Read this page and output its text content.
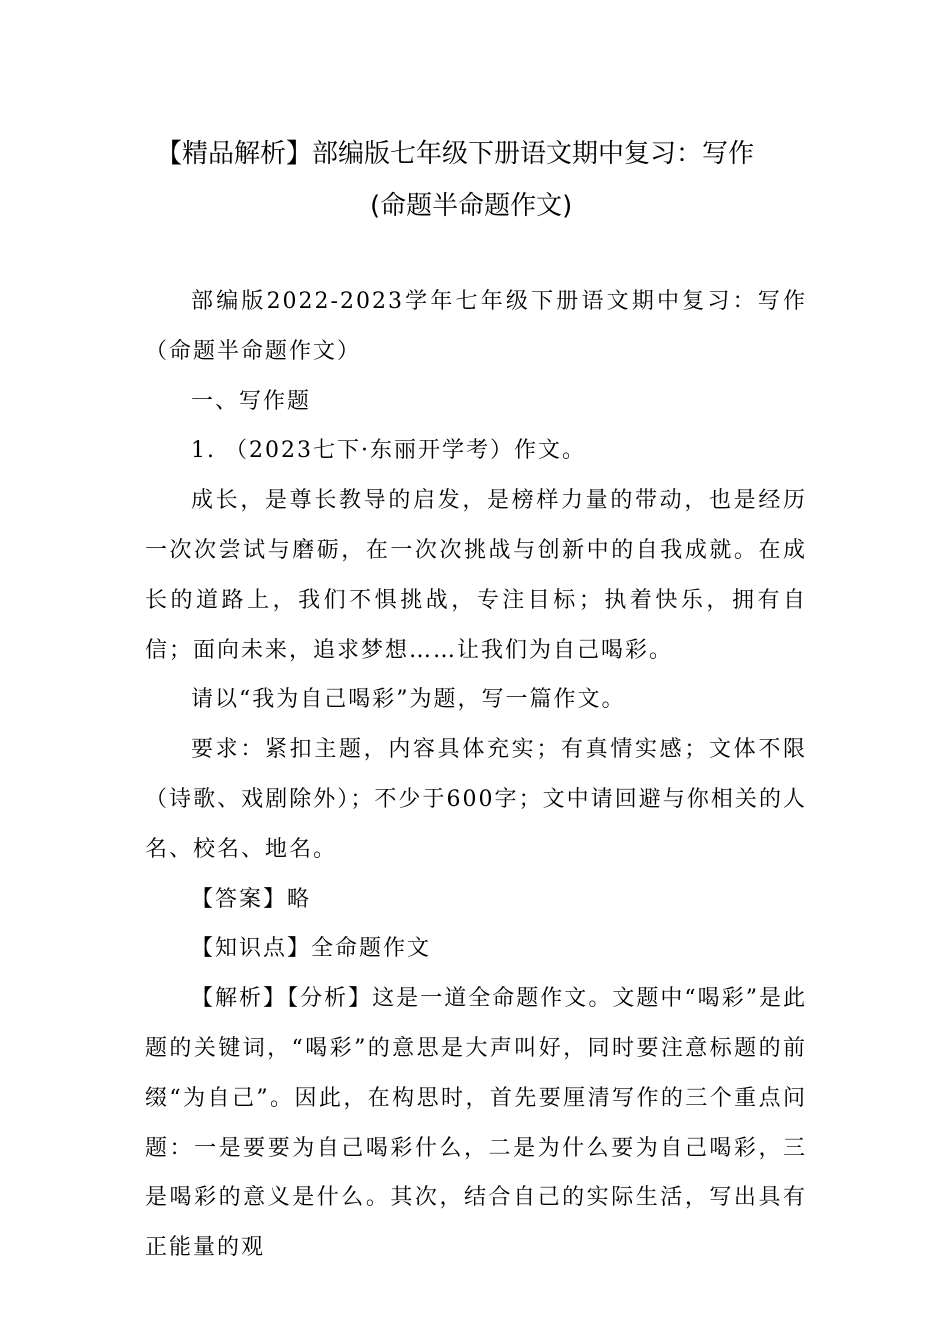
【精品解析】部编版七年级下册语文期中复习：写作
(命题半命题作文)

部编版2022-2023学年七年级下册语文期中复习：写作（命题半命题作文）

一、写作题

1. （2023七下·东丽开学考）作文。

成长，是尊长教导的启发，是榜样力量的带动，也是经历一次次尝试与磨砺，在一次次挑战与创新中的自我成就。在成长的道路上，我们不惧挑战，专注目标；执着快乐，拥有自信；面向未来，追求梦想……让我们为自己喝彩。

请以“我为自己喝彩”为题，写一篇作文。

要求：紧扣主题，内容具体充实；有真情实感；文体不限（诗歌、戏剧除外）；不少于600字；文中请回避与你相关的人名、校名、地名。

【答案】略

【知识点】全命题作文

【解析】【分析】这是一道全命题作文。文题中“喝彩”是此题的关键词，“喝彩”的意思是大声叫好，同时要注意标题的前缀“为自己”。因此，在构思时，首先要厘清写作的三个重点问题：一是要要为自己喝彩什么，二是为什么要为自己喝彩，三是喝彩的意义是什么。其次，结合自己的实际生活，写出具有正能量的观
